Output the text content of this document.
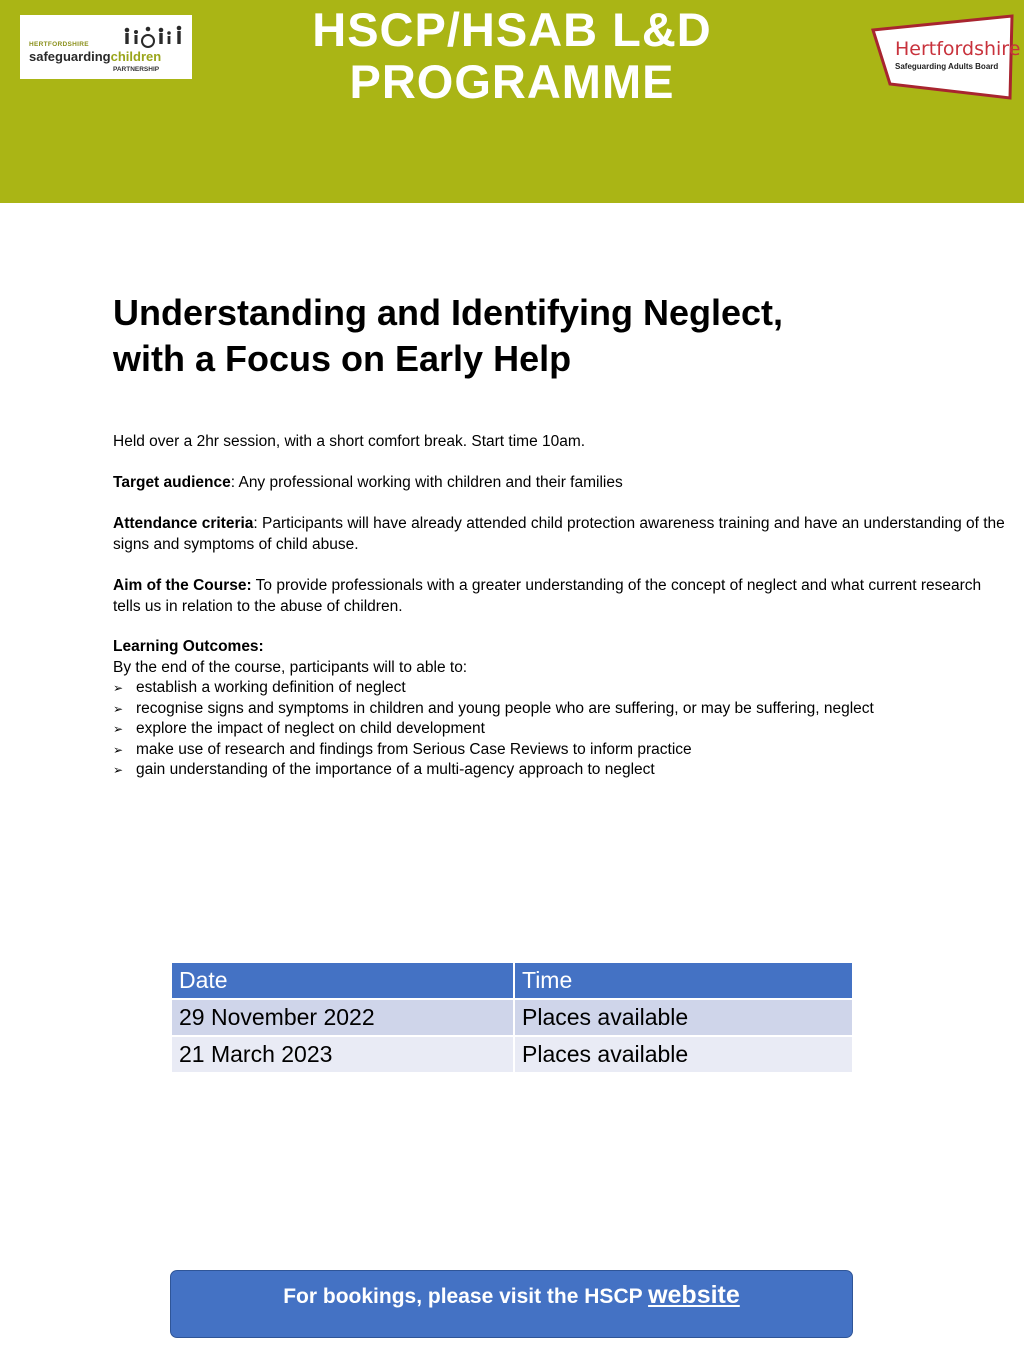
HERTFORDSHIRE
safeguardingchildren
PARTNERSHIP
HSCP/HSAB L&D
PROGRAMME
Hertfordshire
Safeguarding Adults Board
Understanding and Identifying Neglect,
with a Focus on Early Help
Held over a 2hr session, with a short comfort break. Start time 10am.
Target audience: Any professional working with children and their families
Attendance criteria: Participants will have already attended child protection awareness training and have an understanding of the signs and symptoms of child abuse.
Aim of the Course: To provide professionals with a greater understanding of the concept of neglect and what current research tells us in relation to the abuse of children.
Learning Outcomes:
By the end of the course, participants will to able to:
➢ establish a working definition of neglect
➢ recognise signs and symptoms in children and young people who are suffering, or may be suffering, neglect
➢ explore the impact of neglect on child development
➢ make use of research and findings from Serious Case Reviews to inform practice
➢ gain understanding of the importance of a multi-agency approach to neglect
Date	Time
29 November 2022	Places available
21 March 2023	Places available
For bookings, please visit the HSCP website
